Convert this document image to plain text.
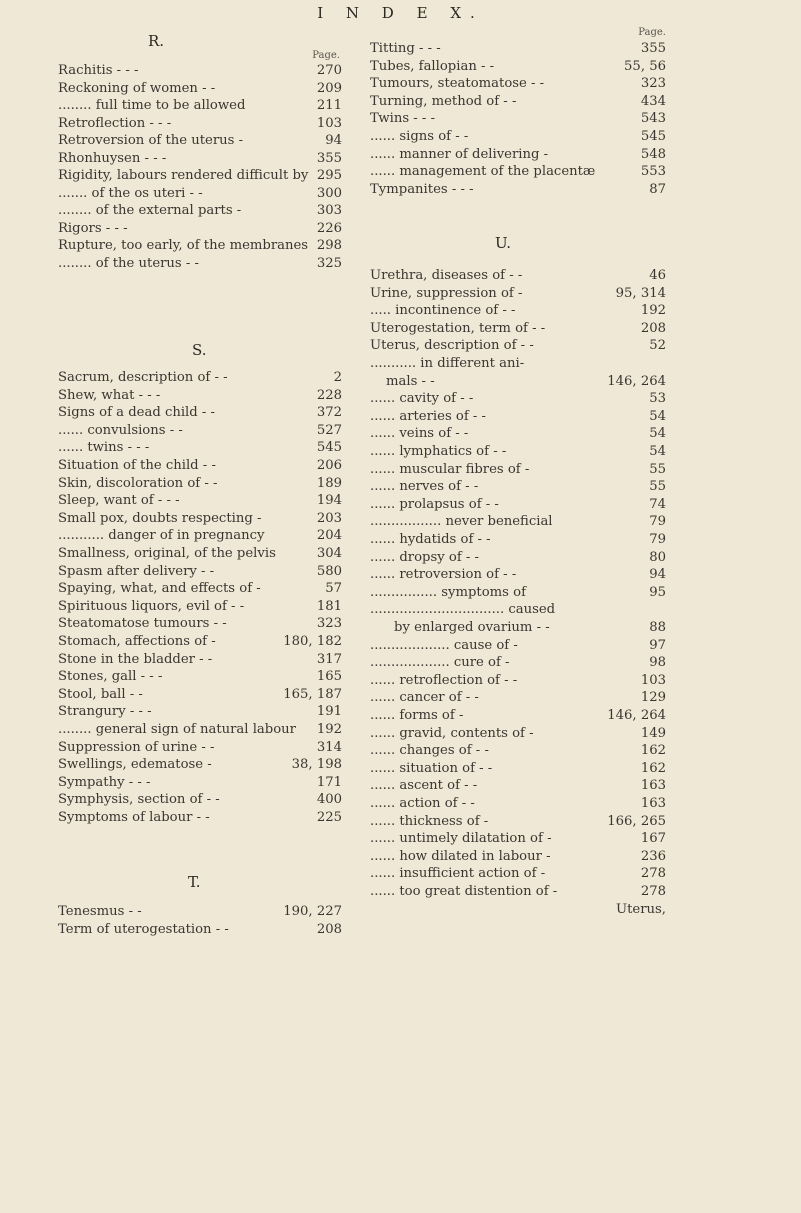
I N D E X.
R.
Page.
Rachitis - - -	270
Reckoning of women - -	209
........ full time to be allowed	211
Retroflection - - -	103
Retroversion of the uterus -	94
Rhonhuysen - - -	355
Rigidity, labours rendered difficult by 295
....... of the os uteri - -	300
........ of the external parts -	303
Rigors - - -	226
Rupture, too early, of the membranes 298
........ of the uterus - -	325
S.
Sacrum, description of - -	2
Shew, what - - -	228
Signs of a dead child - -	372
...... convulsions - -	527
...... twins - - -	545
Situation of the child - -	206
Skin, discoloration of - -	189
Sleep, want of - - -	194
Small pox, doubts respecting -	203
........... danger of in pregnancy	204
Smallness, original, of the pelvis	304
Spasm after delivery - -	580
Spaying, what, and effects of -	57
Spirituous liquors, evil of - -	181
Steatomatose tumours - -	323
Stomach, affections of -	180, 182
Stone in the bladder - -	317
Stones, gall - - -	165
Stool, ball - -	165, 187
Strangury - - -	191
........ general sign of natural labour 192
Suppression of urine - -	314
Swellings, edematose -	38, 198
Sympathy - - -	171
Symphysis, section of - -	400
Symptoms of labour - -	225
T.
Tenesmus - -	190, 227
Term of uterogestation - -	208
Page.
Titting - - -	355
Tubes, fallopian - -	55, 56
Tumours, steatomatose - -	323
Turning, method of - -	434
Twins - - -	543
...... signs of - -	545
...... manner of delivering -	548
...... management of the placentæ	553
Tympanites - - -	87
U.
Urethra, diseases of - -	46
Urine, suppression of -	95, 314
..... incontinence of - -	192
Uterogestation, term of - -	208
Uterus, description of - -	52
........... in different ani-
mals - -	146, 264
...... cavity of - -	53
...... arteries of - -	54
...... veins of - -	54
...... lymphatics of - -	54
...... muscular fibres of -	55
...... nerves of - -	55
...... prolapsus of - -	74
................. never beneficial	79
...... hydatids of - -	79
...... dropsy of - -	80
...... retroversion of - -	94
................ symptoms of	95
................................ caused
by enlarged ovarium - -	88
................... cause of -	97
................... cure of -	98
...... retroflection of - -	103
...... cancer of - -	129
...... forms of -	146, 264
...... gravid, contents of -	149
...... changes of - -	162
...... situation of - -	162
...... ascent of - -	163
...... action of - -	163
...... thickness of -	166, 265
...... untimely dilatation of -	167
...... how dilated in labour -	236
...... insufficient action of -	278
...... too great distention of -	278
Uterus,
